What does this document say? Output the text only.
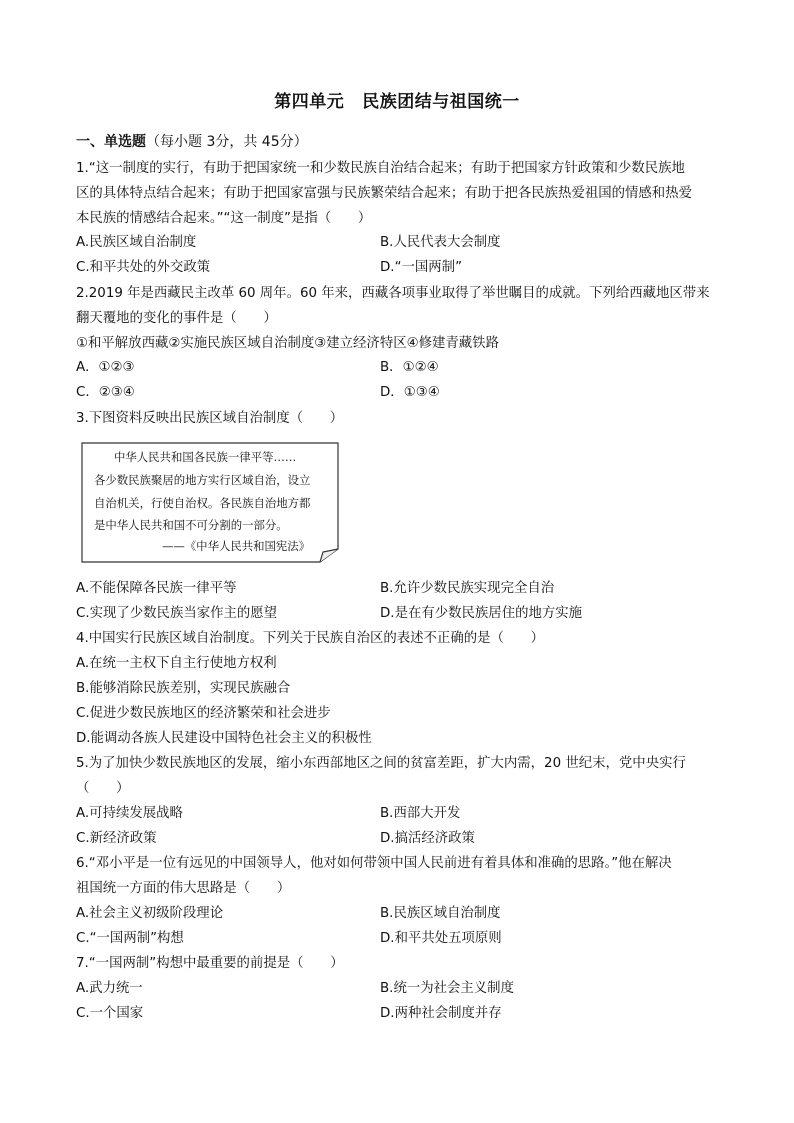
第四单元 民族团结与祖国统一
一、单选题（每小题 3分，共 45分）
1.“这一制度的实行，有助于把国家统一和少数民族自治结合起来；有助于把国家方针政策和少数民族地
区的具体特点结合起来；有助于把国家富强与民族繁荣结合起来；有助于把各民族热爱祖国的情感和热爱
本民族的情感结合起来。”“这一制度”是指（　　）
A.民族区域自治制度	B.人民代表大会制度
C.和平共处的外交政策	D.“一国两制”
2.2019 年是西藏民主改革 60 周年。60 年来，西藏各项事业取得了举世瞩目的成就。下列给西藏地区带来
翻天覆地的变化的事件是（　　）
①和平解放西藏②实施民族区域自治制度③建立经济特区④修建青藏铁路
A．①②③	B．①②④
C．②③④	D．①③④
3.下图资料反映出民族区域自治制度（　　）
中华人民共和国各民族一律平等……
各少数民族聚居的地方实行区域自治，设立
自治机关，行使自治权。各民族自治地方都
是中华人民共和国不可分割的一部分。
——《中华人民共和国宪法》
A.不能保障各民族一律平等	B.允许少数民族实现完全自治
C.实现了少数民族当家作主的愿望	D.是在有少数民族居住的地方实施
4.中国实行民族区域自治制度。下列关于民族自治区的表述不正确的是（　　）
A.在统一主权下自主行使地方权利
B.能够消除民族差别，实现民族融合
C.促进少数民族地区的经济繁荣和社会进步
D.能调动各族人民建设中国特色社会主义的积极性
5.为了加快少数民族地区的发展，缩小东西部地区之间的贫富差距，扩大内需，20 世纪末，党中央实行
（　　）
A.可持续发展战略	B.西部大开发
C.新经济政策	D.搞活经济政策
6.“邓小平是一位有远见的中国领导人，他对如何带领中国人民前进有着具体和准确的思路。”他在解决
祖国统一方面的伟大思路是（　　）
A.社会主义初级阶段理论	B.民族区域自治制度
C.“一国两制”构想	D.和平共处五项原则
7.“一国两制”构想中最重要的前提是（　　）
A.武力统一	B.统一为社会主义制度
C.一个国家	D.两种社会制度并存
